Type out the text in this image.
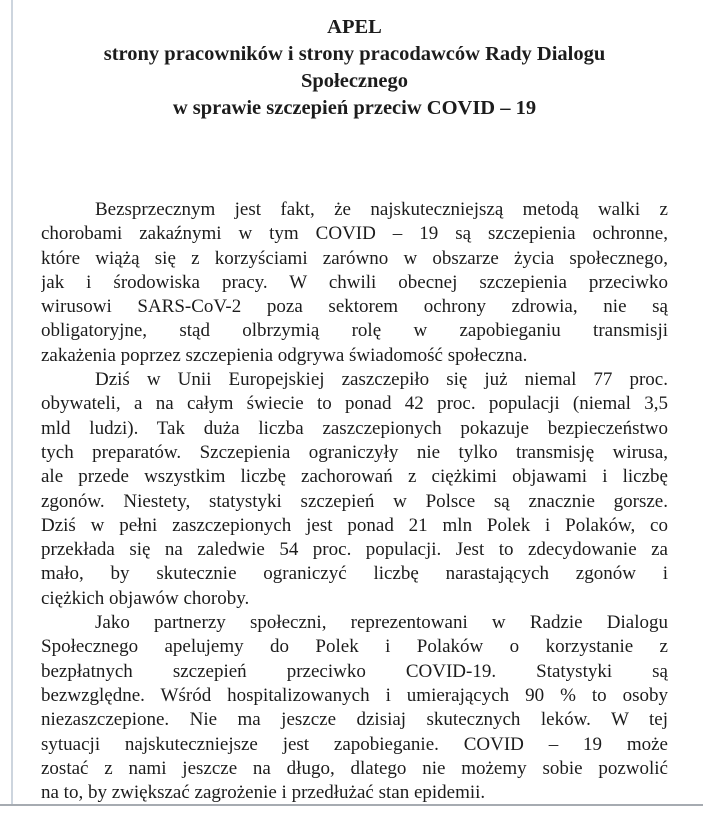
APEL
strony pracowników i strony pracodawców Rady Dialogu
Społecznego
w sprawie szczepień przeciw COVID – 19
Bezsprzecznym jest fakt, że najskuteczniejszą metodą walki z
chorobami zakaźnymi w tym COVID – 19 są szczepienia ochronne,
które wiążą się z korzyściami zarówno w obszarze życia społecznego,
jak i środowiska pracy. W chwili obecnej szczepienia przeciwko
wirusowi SARS-CoV-2 poza sektorem ochrony zdrowia, nie są
obligatoryjne, stąd olbrzymią rolę w zapobieganiu transmisji
zakażenia poprzez szczepienia odgrywa świadomość społeczna.
Dziś w Unii Europejskiej zaszczepiło się już niemal 77 proc.
obywateli, a na całym świecie to ponad 42 proc. populacji (niemal 3,5
mld ludzi). Tak duża liczba zaszczepionych pokazuje bezpieczeństwo
tych preparatów. Szczepienia ograniczyły nie tylko transmisję wirusa,
ale przede wszystkim liczbę zachorowań z ciężkimi objawami i liczbę
zgonów. Niestety, statystyki szczepień w Polsce są znacznie gorsze.
Dziś w pełni zaszczepionych jest ponad 21 mln Polek i Polaków, co
przekłada się na zaledwie 54 proc. populacji. Jest to zdecydowanie za
mało, by skutecznie ograniczyć liczbę narastających zgonów i
ciężkich objawów choroby.
Jako partnerzy społeczni, reprezentowani w Radzie Dialogu
Społecznego apelujemy do Polek i Polaków o korzystanie z
bezpłatnych szczepień przeciwko COVID-19. Statystyki są
bezwzględne. Wśród hospitalizowanych i umierających 90 % to osoby
niezaszczepione. Nie ma jeszcze dzisiaj skutecznych leków. W tej
sytuacji najskuteczniejsze jest zapobieganie. COVID – 19 może
zostać z nami jeszcze na długo, dlatego nie możemy sobie pozwolić
na to, by zwiększać zagrożenie i przedłużać stan epidemii.
